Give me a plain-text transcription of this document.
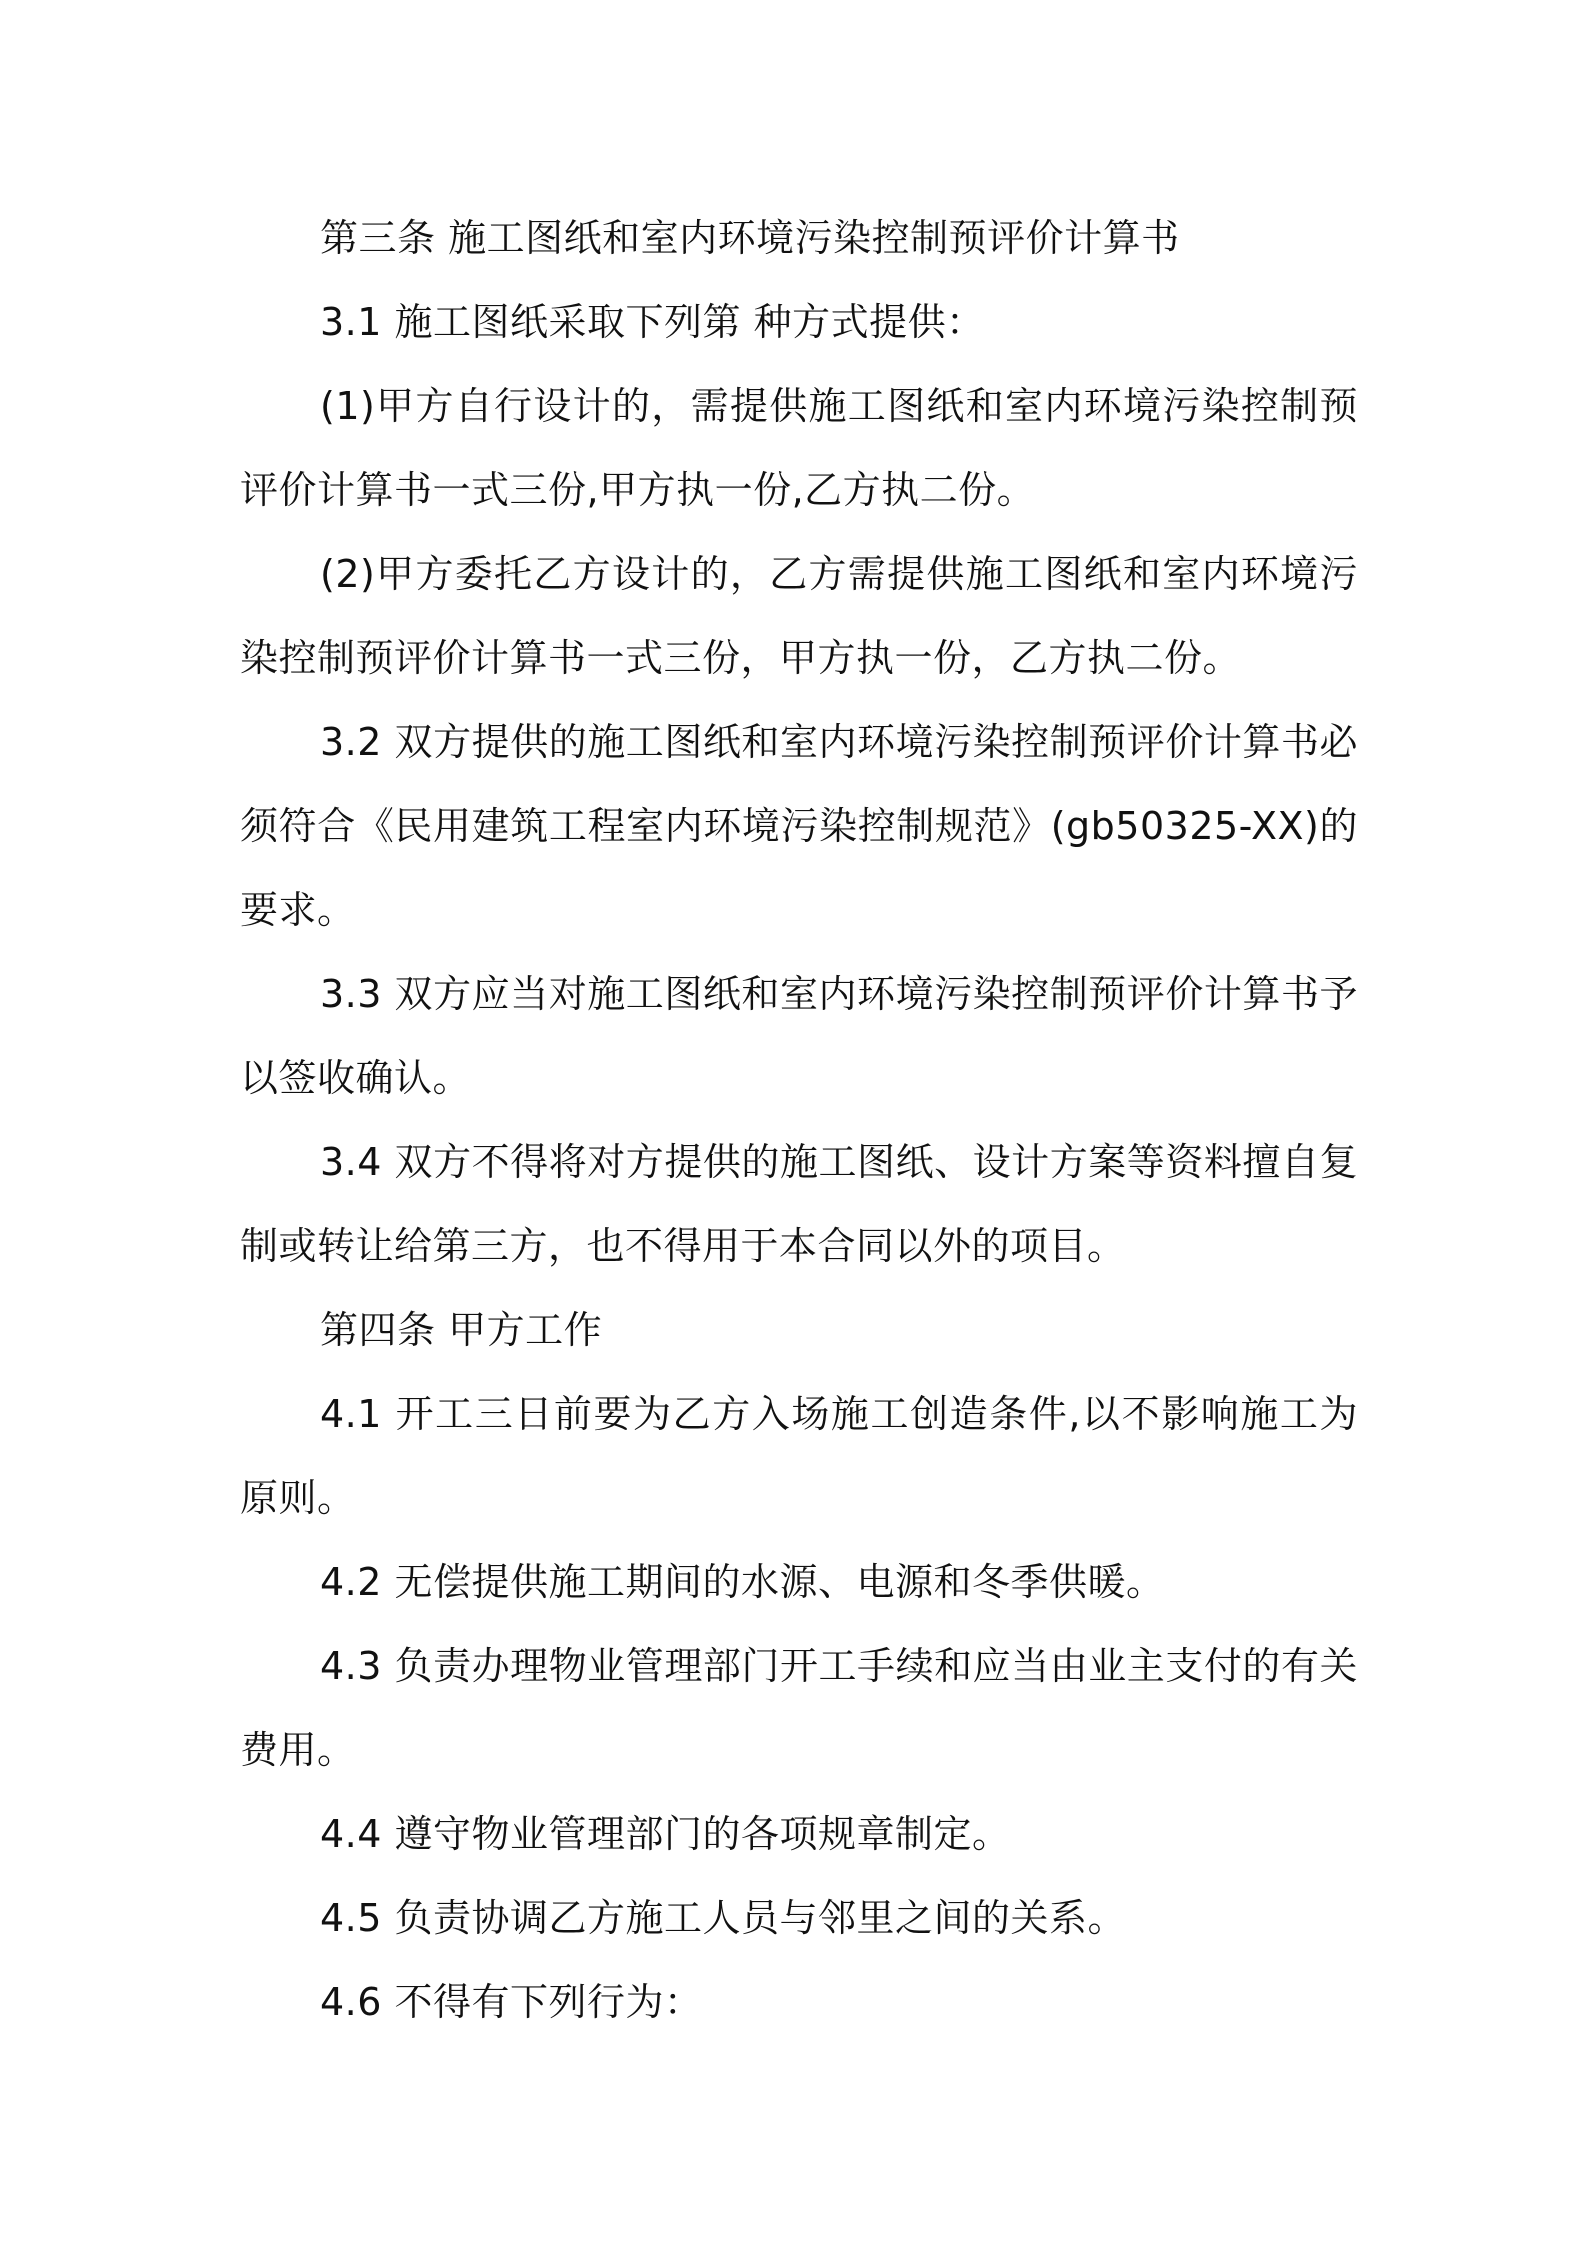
第三条 施工图纸和室内环境污染控制预评价计算书

3.1 施工图纸采取下列第 种方式提供：

(1)甲方自行设计的，需提供施工图纸和室内环境污染控制预评价计算书一式三份,甲方执一份,乙方执二份。

(2)甲方委托乙方设计的，乙方需提供施工图纸和室内环境污染控制预评价计算书一式三份，甲方执一份，乙方执二份。

3.2 双方提供的施工图纸和室内环境污染控制预评价计算书必须符合《民用建筑工程室内环境污染控制规范》(gb50325-XX)的要求。

3.3 双方应当对施工图纸和室内环境污染控制预评价计算书予以签收确认。

3.4 双方不得将对方提供的施工图纸、设计方案等资料擅自复制或转让给第三方，也不得用于本合同以外的项目。

第四条 甲方工作

4.1 开工三日前要为乙方入场施工创造条件,以不影响施工为原则。

4.2 无偿提供施工期间的水源、电源和冬季供暖。

4.3 负责办理物业管理部门开工手续和应当由业主支付的有关费用。

4.4 遵守物业管理部门的各项规章制定。

4.5 负责协调乙方施工人员与邻里之间的关系。

4.6 不得有下列行为：
